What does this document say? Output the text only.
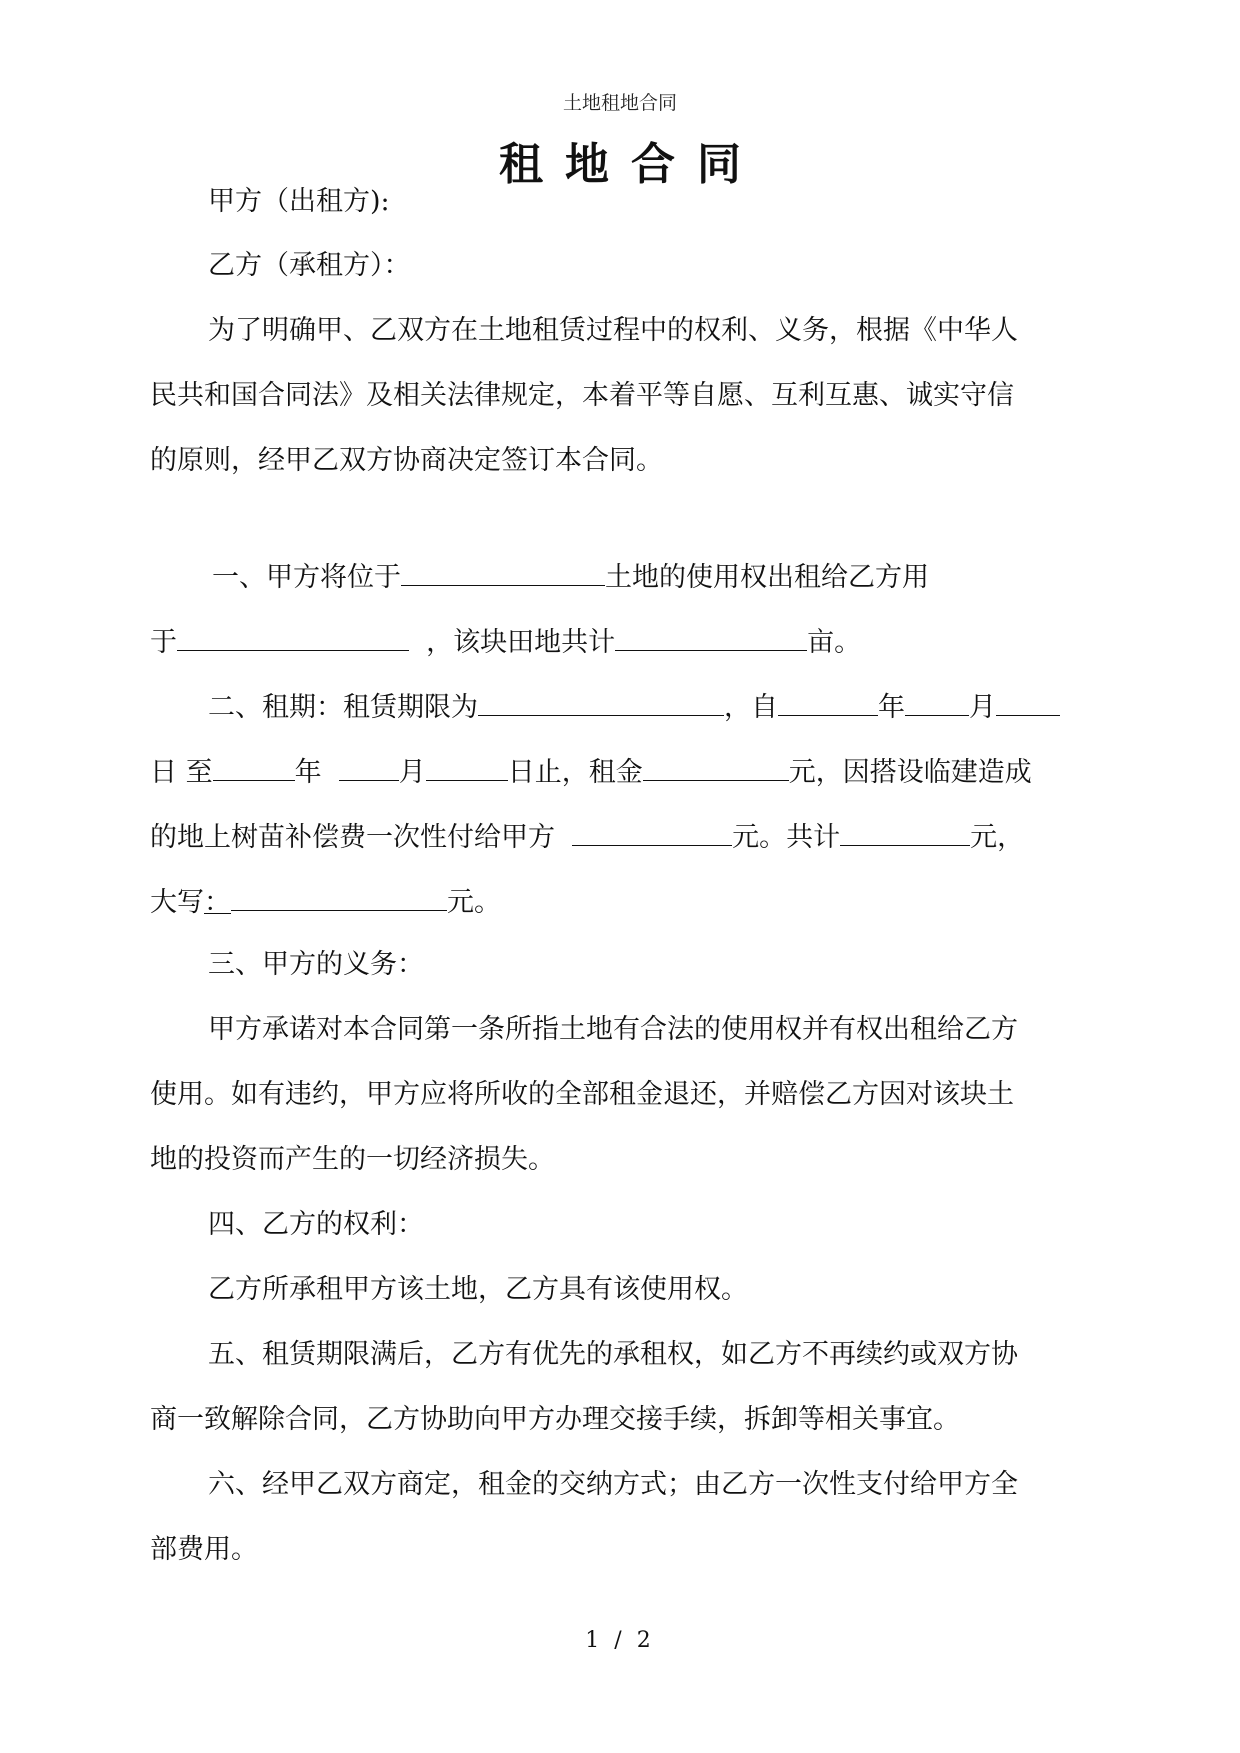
土地租地合同
租地合同
甲方（出租方):
乙方（承租方）：
为了明确甲、乙双方在土地租赁过程中的权利、义务，根据《中华人
民共和国合同法》及相关法律规定，本着平等自愿、互利互惠、诚实守信
的原则，经甲乙双方协商决定签订本合同。
一、甲方将位于	土地的使用权出租给乙方用
于	，该块田地共计	亩。
二、租期：租赁期限为	，自	年 月
日 至	年	月	日止，租金	元，因搭设临建造成
的地上树苗补偿费一次性付给甲方	元。共计	元，
大写：	元。
三、甲方的义务：
甲方承诺对本合同第一条所指土地有合法的使用权并有权出租给乙方
使用。如有违约，甲方应将所收的全部租金退还，并赔偿乙方因对该块土
地的投资而产生的一切经济损失。
四、乙方的权利：
乙方所承租甲方该土地，乙方具有该使用权。
五、租赁期限满后，乙方有优先的承租权，如乙方不再续约或双方协
商一致解除合同，乙方协助向甲方办理交接手续，拆卸等相关事宜。
六、经甲乙双方商定，租金的交纳方式；由乙方一次性支付给甲方全
部费用。
1 / 2
